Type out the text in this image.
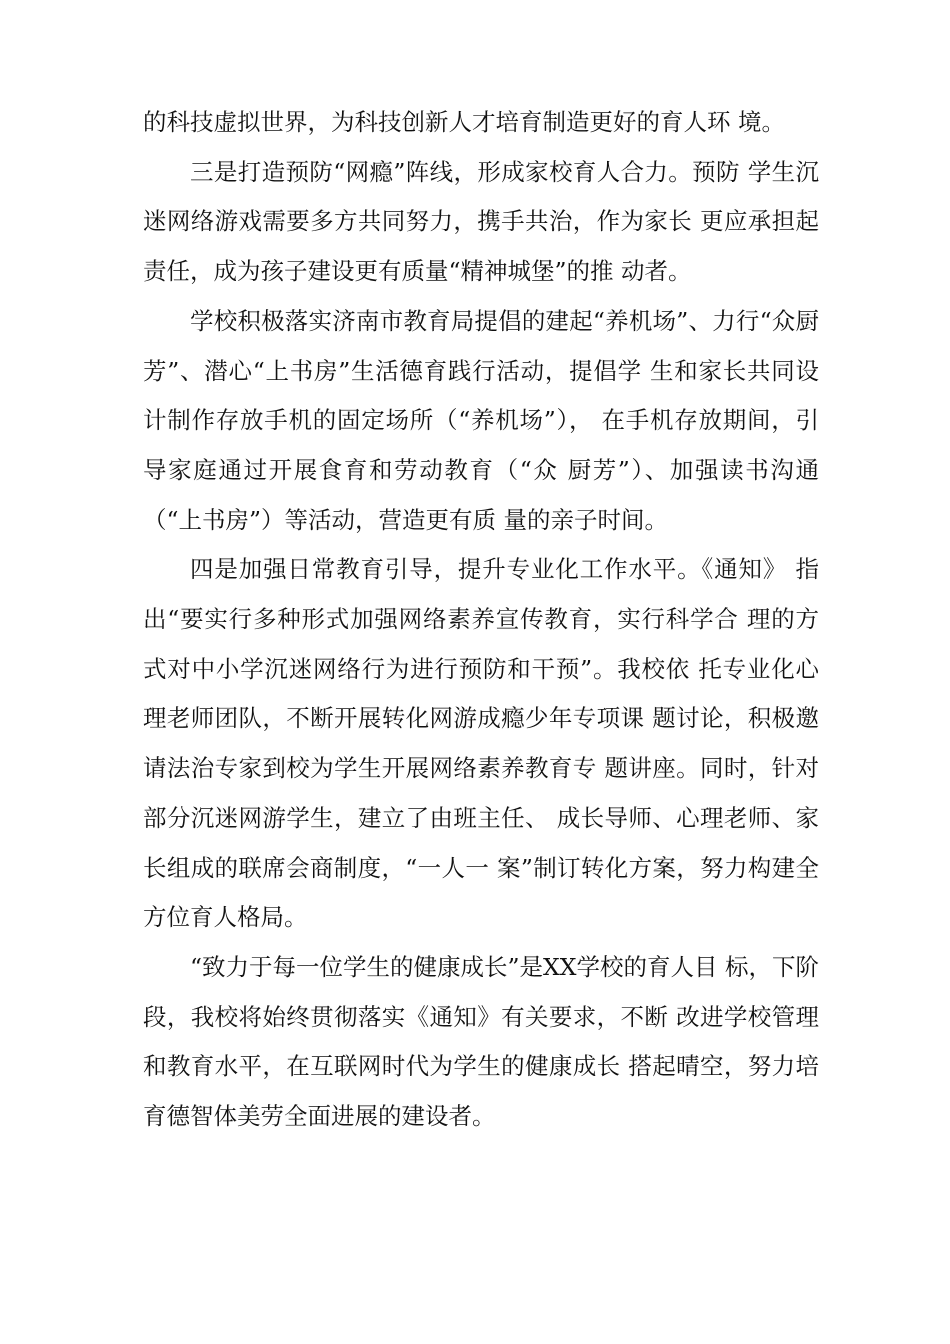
的科技虚拟世界，为科技创新人才培育制造更好的育人环 境。

三是打造预防“网瘾”阵线，形成家校育人合力。预防 学生沉迷网络游戏需要多方共同努力，携手共治，作为家长 更应承担起责任，成为孩子建设更有质量“精神城堡”的推 动者。

学校积极落实济南市教育局提倡的建起“养机场”、力行“众厨芳”、潜心“上书房”生活德育践行活动，提倡学 生和家长共同设计制作存放手机的固定场所（“养机场”）， 在手机存放期间，引导家庭通过开展食育和劳动教育（“众 厨芳”）、加强读书沟通（“上书房”）等活动，营造更有质 量的亲子时间。

四是加强日常教育引导，提升专业化工作水平。《通知》 指出“要实行多种形式加强网络素养宣传教育，实行科学合 理的方式对中小学沉迷网络行为进行预防和干预”。我校依 托专业化心理老师团队，不断开展转化网游成瘾少年专项课 题讨论，积极邀请法治专家到校为学生开展网络素养教育专 题讲座。同时，针对部分沉迷网游学生，建立了由班主任、 成长导师、心理老师、家长组成的联席会商制度，“一人一 案”制订转化方案，努力构建全方位育人格局。

“致力于每一位学生的健康成长”是XX学校的育人目 标，下阶段，我校将始终贯彻落实《通知》有关要求，不断 改进学校管理和教育水平，在互联网时代为学生的健康成长 搭起晴空，努力培育德智体美劳全面进展的建设者。
